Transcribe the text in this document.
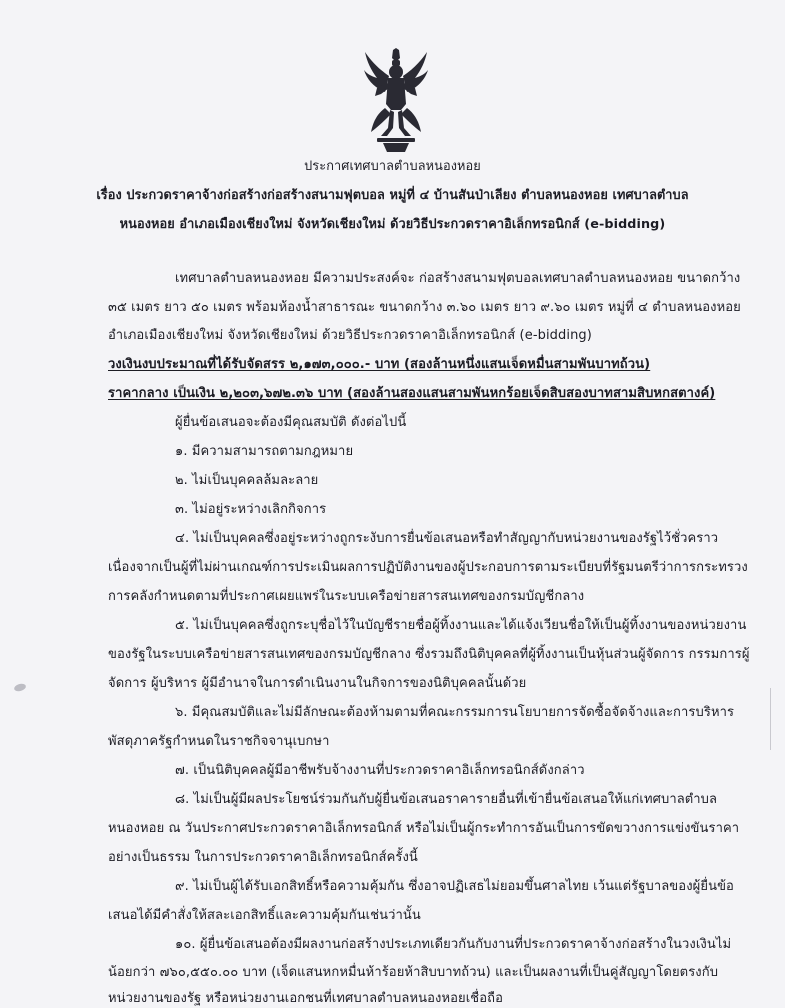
ประกาศเทศบาลตำบลหนองหอย
เรื่อง ประกวดราคาจ้างก่อสร้างก่อสร้างสนามฟุตบอล หมู่ที่ ๔ บ้านสันป่าเลียง ตำบลหนองหอย เทศบาลตำบล
หนองหอย อำเภอเมืองเชียงใหม่ จังหวัดเชียงใหม่ ด้วยวิธีประกวดราคาอิเล็กทรอนิกส์ (e-bidding)
เทศบาลตำบลหนองหอย มีความประสงค์จะ ก่อสร้างสนามฟุตบอลเทศบาลตำบลหนองหอย ขนาดกว้าง
๓๕ เมตร ยาว ๕๐ เมตร พร้อมห้องน้ำสาธารณะ ขนาดกว้าง ๓.๖๐ เมตร ยาว ๙.๖๐ เมตร หมู่ที่ ๔ ตำบลหนองหอย
อำเภอเมืองเชียงใหม่ จังหวัดเชียงใหม่ ด้วยวิธีประกวดราคาอิเล็กทรอนิกส์ (e-bidding)
วงเงินงบประมาณที่ได้รับจัดสรร ๒,๑๗๓,๐๐๐.- บาท (สองล้านหนึ่งแสนเจ็ดหมื่นสามพันบาทถ้วน)
ราคากลาง เป็นเงิน ๒,๒๐๓,๖๗๒.๓๖ บาท (สองล้านสองแสนสามพันหกร้อยเจ็ดสิบสองบาทสามสิบหกสตางค์)
ผู้ยื่นข้อเสนอจะต้องมีคุณสมบัติ ดังต่อไปนี้
๑. มีความสามารถตามกฎหมาย
๒. ไม่เป็นบุคคลล้มละลาย
๓. ไม่อยู่ระหว่างเลิกกิจการ
๔. ไม่เป็นบุคคลซึ่งอยู่ระหว่างถูกระงับการยื่นข้อเสนอหรือทำสัญญากับหน่วยงานของรัฐไว้ชั่วคราว
เนื่องจากเป็นผู้ที่ไม่ผ่านเกณฑ์การประเมินผลการปฏิบัติงานของผู้ประกอบการตามระเบียบที่รัฐมนตรีว่าการกระทรวง
การคลังกำหนดตามที่ประกาศเผยแพร่ในระบบเครือข่ายสารสนเทศของกรมบัญชีกลาง
๕. ไม่เป็นบุคคลซึ่งถูกระบุชื่อไว้ในบัญชีรายชื่อผู้ทิ้งงานและได้แจ้งเวียนชื่อให้เป็นผู้ทิ้งงานของหน่วยงาน
ของรัฐในระบบเครือข่ายสารสนเทศของกรมบัญชีกลาง ซึ่งรวมถึงนิติบุคคลที่ผู้ทิ้งงานเป็นหุ้นส่วนผู้จัดการ กรรมการผู้
จัดการ ผู้บริหาร ผู้มีอำนาจในการดำเนินงานในกิจการของนิติบุคคลนั้นด้วย
๖. มีคุณสมบัติและไม่มีลักษณะต้องห้ามตามที่คณะกรรมการนโยบายการจัดซื้อจัดจ้างและการบริหาร
พัสดุภาครัฐกำหนดในราชกิจจานุเบกษา
๗. เป็นนิติบุคคลผู้มีอาชีพรับจ้างงานที่ประกวดราคาอิเล็กทรอนิกส์ดังกล่าว
๘. ไม่เป็นผู้มีผลประโยชน์ร่วมกันกับผู้ยื่นข้อเสนอราคารายอื่นที่เข้ายื่นข้อเสนอให้แก่เทศบาลตำบล
หนองหอย ณ วันประกาศประกวดราคาอิเล็กทรอนิกส์ หรือไม่เป็นผู้กระทำการอันเป็นการขัดขวางการแข่งขันราคา
อย่างเป็นธรรม ในการประกวดราคาอิเล็กทรอนิกส์ครั้งนี้
๙. ไม่เป็นผู้ได้รับเอกสิทธิ์หรือความคุ้มกัน ซึ่งอาจปฏิเสธไม่ยอมขึ้นศาลไทย เว้นแต่รัฐบาลของผู้ยื่นข้อ
เสนอได้มีคำสั่งให้สละเอกสิทธิ์และความคุ้มกันเช่นว่านั้น
๑๐. ผู้ยื่นข้อเสนอต้องมีผลงานก่อสร้างประเภทเดียวกันกับงานที่ประกวดราคาจ้างก่อสร้างในวงเงินไม่
น้อยกว่า ๗๖๐,๕๕๐.๐๐ บาท (เจ็ดแสนหกหมื่นห้าร้อยห้าสิบบาทถ้วน) และเป็นผลงานที่เป็นคู่สัญญาโดยตรงกับ
หน่วยงานของรัฐ หรือหน่วยงานเอกชนที่เทศบาลตำบลหนองหอยเชื่อถือ
